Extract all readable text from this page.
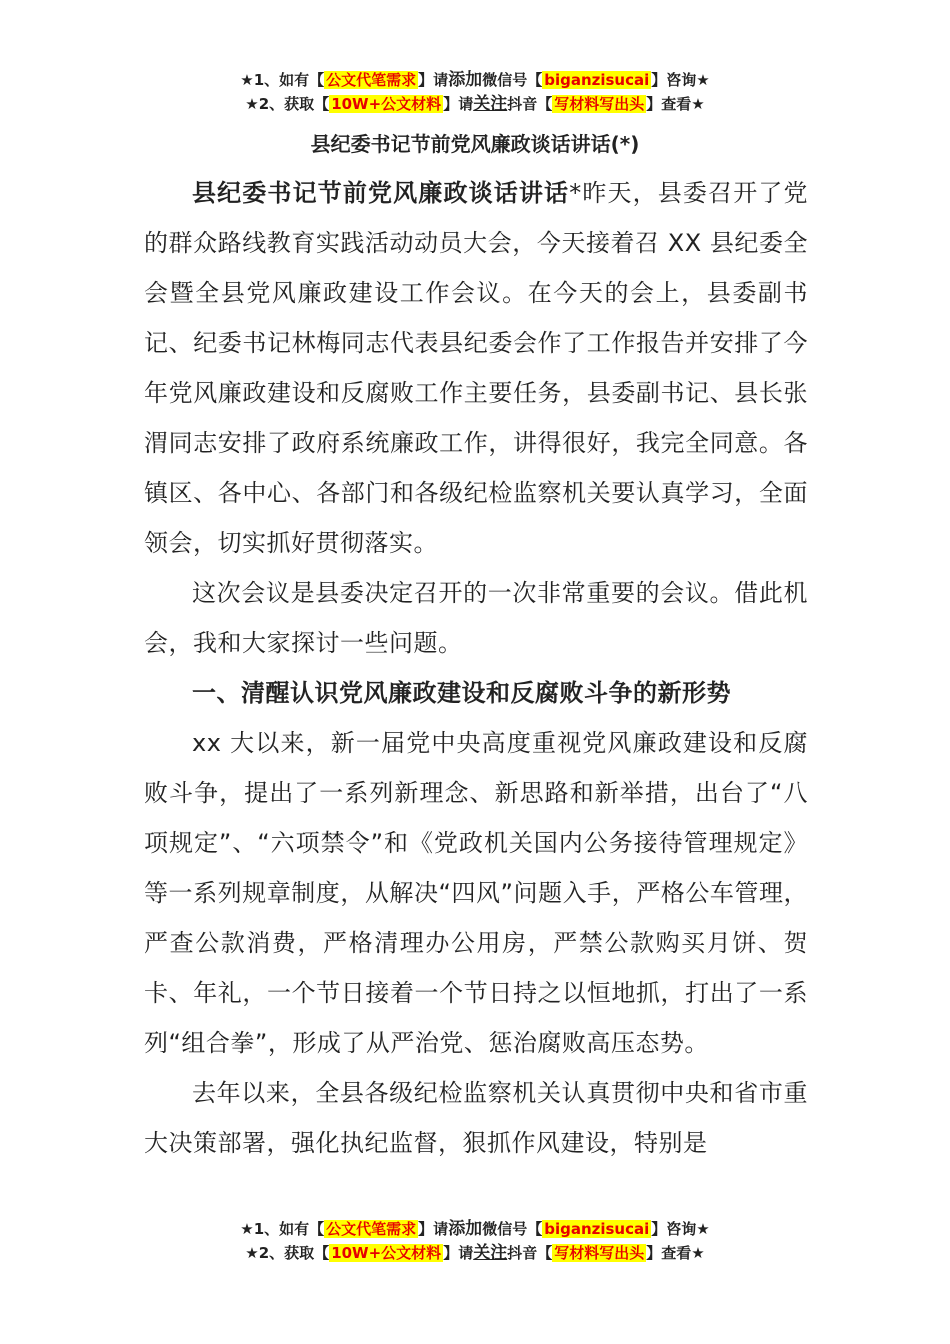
★1、如有【 公文代笔需求 】请添加微信号【 biganzisucai 】咨询★
★2、获取【 10W+公文材料 】请关注抖音【 写材料写出头 】查看★
县纪委书记节前党风廉政谈话讲话(*)

县纪委书记节前党风廉政谈话讲话*昨天，县委召开了党的群众路线教育实践活动动员大会，今天接着召 XX 县纪委全会暨全县党风廉政建设工作会议。在今天的会上，县委副书记、纪委书记林梅同志代表县纪委会作了工作报告并安排了今年党风廉政建设和反腐败工作主要任务，县委副书记、县长张渭同志安排了政府系统廉政工作，讲得很好，我完全同意。各镇区、各中心、各部门和各级纪检监察机关要认真学习，全面领会，切实抓好贯彻落实。

这次会议是县委决定召开的一次非常重要的会议。借此机会，我和大家探讨一些问题。

一、清醒认识党风廉政建设和反腐败斗争的新形势

xx 大以来，新一届党中央高度重视党风廉政建设和反腐败斗争，提出了一系列新理念、新思路和新举措，出台了“八项规定”、“六项禁令”和《党政机关国内公务接待管理规定》等一系列规章制度，从解决“四风”问题入手，严格公车管理，严查公款消费，严格清理办公用房，严禁公款购买月饼、贺卡、年礼，一个节日接着一个节日持之以恒地抓，打出了一系列“组合拳”，形成了从严治党、惩治腐败高压态势。

去年以来，全县各级纪检监察机关认真贯彻中央和省市重大决策部署，强化执纪监督，狠抓作风建设，特别是

★1、如有【 公文代笔需求 】请添加微信号【 biganzisucai 】咨询★
★2、获取【 10W+公文材料 】请关注抖音【 写材料写出头 】查看★
